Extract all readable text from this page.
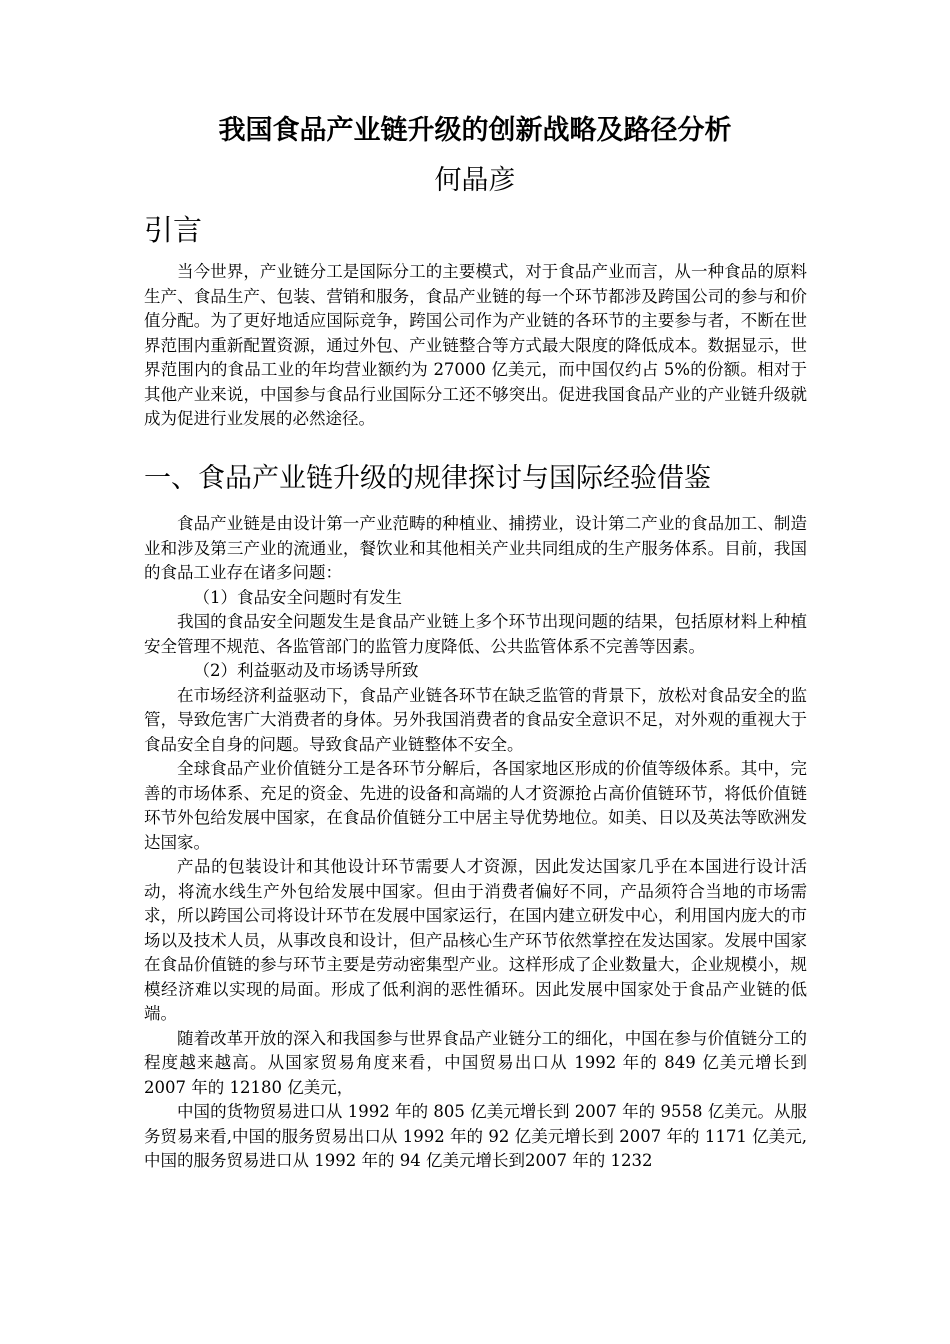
我国食品产业链升级的创新战略及路径分析
何晶彦
引言

当今世界，产业链分工是国际分工的主要模式，对于食品产业而言，从一种食品的原料生产、食品生产、包装、营销和服务，食品产业链的每一个环节都涉及跨国公司的参与和价值分配。为了更好地适应国际竞争，跨国公司作为产业链的各环节的主要参与者，不断在世界范围内重新配置资源，通过外包、产业链整合等方式最大限度的降低成本。数据显示，世界范围内的食品工业的年均营业额约为 27000 亿美元，而中国仅约占 5%的份额。相对于其他产业来说，中国参与食品行业国际分工还不够突出。促进我国食品产业的产业链升级就成为促进行业发展的必然途径。

一、食品产业链升级的规律探讨与国际经验借鉴

食品产业链是由设计第一产业范畴的种植业、捕捞业，设计第二产业的食品加工、制造业和涉及第三产业的流通业，餐饮业和其他相关产业共同组成的生产服务体系。目前，我国的食品工业存在诸多问题：

（1）食品安全问题时有发生

我国的食品安全问题发生是食品产业链上多个环节出现问题的结果，包括原材料上种植安全管理不规范、各监管部门的监管力度降低、公共监管体系不完善等因素。

（2）利益驱动及市场诱导所致

在市场经济利益驱动下，食品产业链各环节在缺乏监管的背景下，放松对食品安全的监管，导致危害广大消费者的身体。另外我国消费者的食品安全意识不足，对外观的重视大于食品安全自身的问题。导致食品产业链整体不安全。

全球食品产业价值链分工是各环节分解后，各国家地区形成的价值等级体系。其中，完善的市场体系、充足的资金、先进的设备和高端的人才资源抢占高价值链环节，将低价值链环节外包给发展中国家，在食品价值链分工中居主导优势地位。如美、日以及英法等欧洲发达国家。

产品的包装设计和其他设计环节需要人才资源，因此发达国家几乎在本国进行设计活动，将流水线生产外包给发展中国家。但由于消费者偏好不同，产品须符合当地的市场需求，所以跨国公司将设计环节在发展中国家运行，在国内建立研发中心，利用国内庞大的市场以及技术人员，从事改良和设计，但产品核心生产环节依然掌控在发达国家。发展中国家在食品价值链的参与环节主要是劳动密集型产业。这样形成了企业数量大，企业规模小，规模经济难以实现的局面。形成了低利润的恶性循环。因此发展中国家处于食品产业链的低端。

随着改革开放的深入和我国参与世界食品产业链分工的细化，中国在参与价值链分工的程度越来越高。从国家贸易角度来看，中国贸易出口从 1992 年的 849 亿美元增长到 2007 年的 12180 亿美元，

中国的货物贸易进口从 1992 年的 805 亿美元增长到 2007 年的 9558 亿美元。从服务贸易来看,中国的服务贸易出口从 1992 年的 92 亿美元增长到 2007 年的 1171 亿美元,中国的服务贸易进口从 1992 年的 94 亿美元增长到2007 年的 1232
